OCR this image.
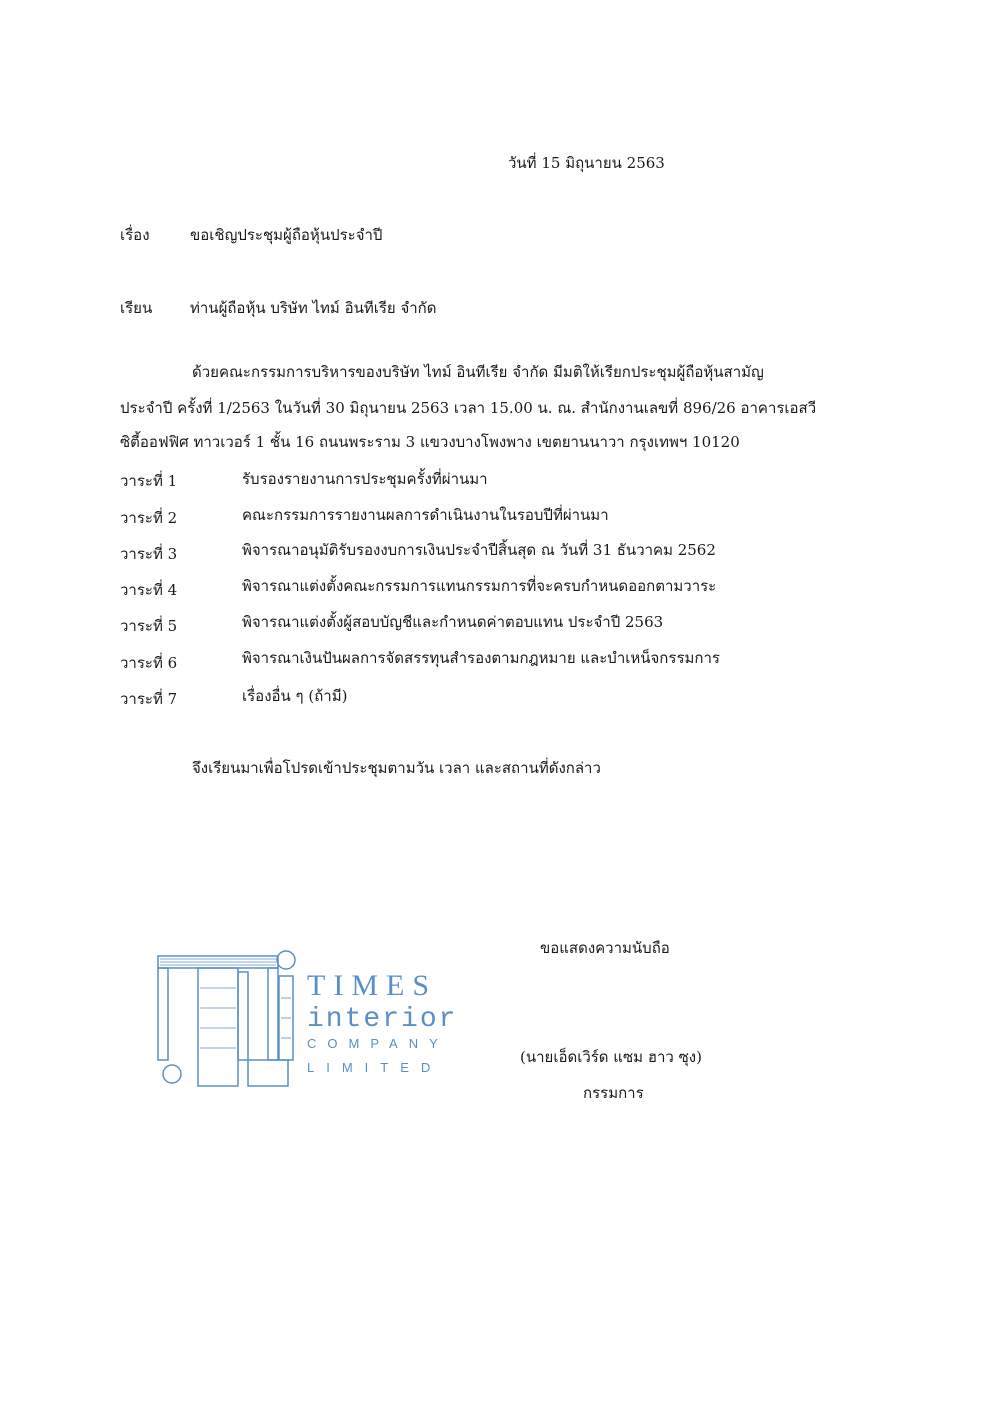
วันที่ 15 มิถุนายน 2563
เรื่อง	ขอเชิญประชุมผู้ถือหุ้นประจำปี
เรียน	ท่านผู้ถือหุ้น บริษัท ไทม์ อินทีเรีย จำกัด
ด้วยคณะกรรมการบริหารของบริษัท ไทม์ อินทีเรีย จำกัด มีมติให้เรียกประชุมผู้ถือหุ้นสามัญ
ประจำปี ครั้งที่ 1/2563 ในวันที่ 30 มิถุนายน 2563 เวลา 15.00 น. ณ. สำนักงานเลขที่ 896/26 อาคารเอสวี
ซิตี้ออฟฟิศ ทาวเวอร์ 1 ชั้น 16 ถนนพระราม 3 แขวงบางโพงพาง เขตยานนาวา กรุงเทพฯ 10120
วาระที่ 1	รับรองรายงานการประชุมครั้งที่ผ่านมา
วาระที่ 2	คณะกรรมการรายงานผลการดำเนินงานในรอบปีที่ผ่านมา
วาระที่ 3	พิจารณาอนุมัติรับรองงบการเงินประจำปีสิ้นสุด ณ วันที่ 31 ธันวาคม 2562
วาระที่ 4	พิจารณาแต่งตั้งคณะกรรมการแทนกรรมการที่จะครบกำหนดออกตามวาระ
วาระที่ 5	พิจารณาแต่งตั้งผู้สอบบัญชีและกำหนดค่าตอบแทน ประจำปี 2563
วาระที่ 6	พิจารณาเงินปันผลการจัดสรรทุนสำรองตามกฎหมาย และบำเหน็จกรรมการ
วาระที่ 7	เรื่องอื่น ๆ (ถ้ามี)
จึงเรียนมาเพื่อโปรดเข้าประชุมตามวัน เวลา และสถานที่ดังกล่าว
ขอแสดงความนับถือ
(นายเอ็ดเวิร์ด แซม ฮาว ซุง)
กรรมการ
TIMES
interior
COMPANY
LIMITED
